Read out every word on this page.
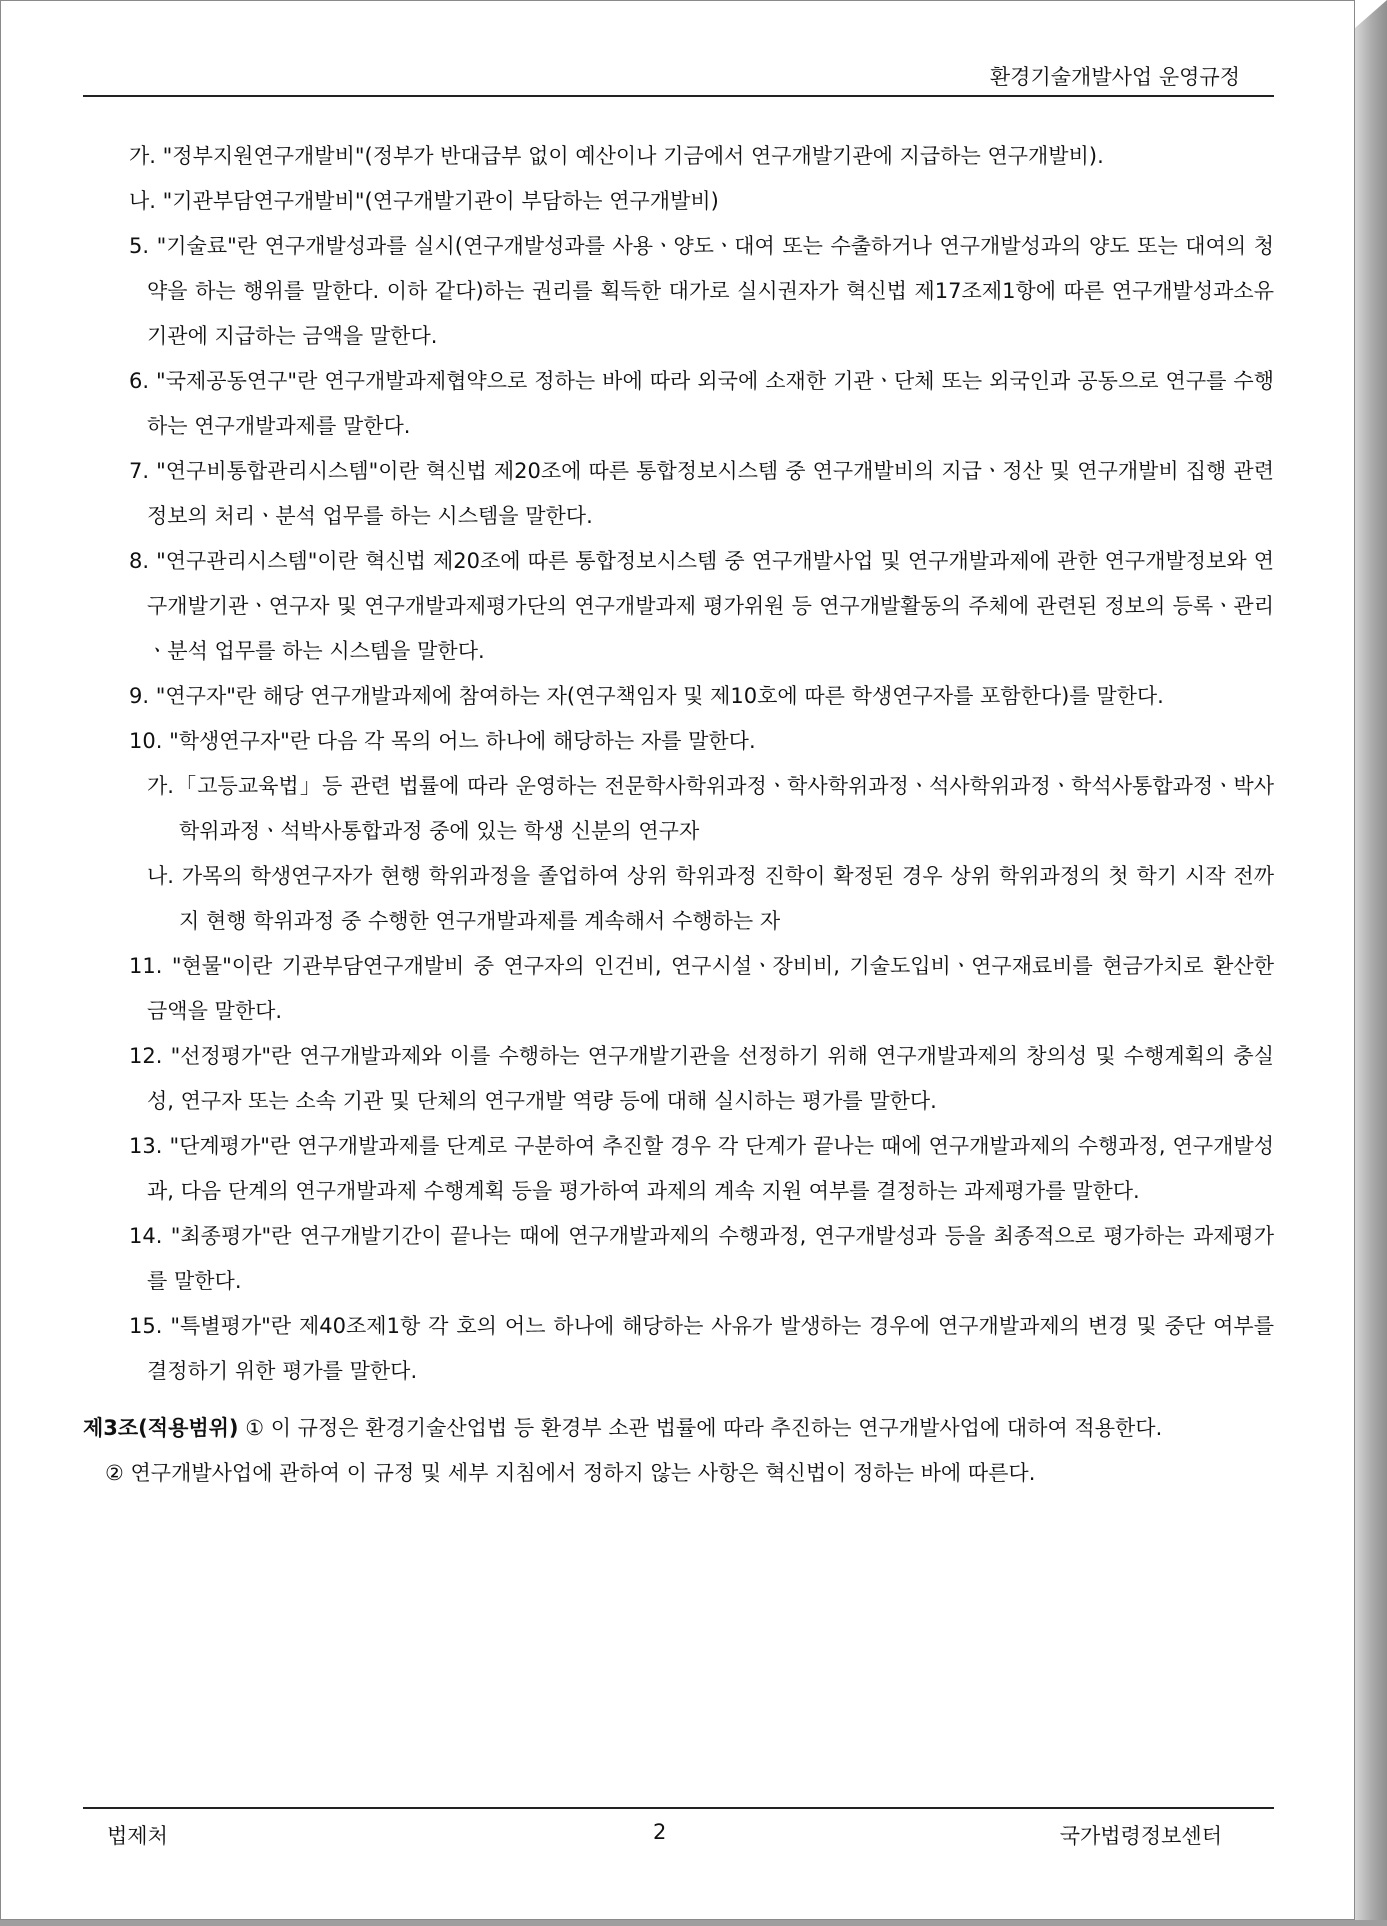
환경기술개발사업 운영규정

가. "정부지원연구개발비"(정부가 반대급부 없이 예산이나 기금에서 연구개발기관에 지급하는 연구개발비).

나. "기관부담연구개발비"(연구개발기관이 부담하는 연구개발비)

5. "기술료"란 연구개발성과를 실시(연구개발성과를 사용ㆍ양도ㆍ대여 또는 수출하거나 연구개발성과의 양도 또는 대여의 청약을 하는 행위를 말한다. 이하 같다)하는 권리를 획득한 대가로 실시권자가 혁신법 제17조제1항에 따른 연구개발성과소유기관에 지급하는 금액을 말한다.

6. "국제공동연구"란 연구개발과제협약으로 정하는 바에 따라 외국에 소재한 기관ㆍ단체 또는 외국인과 공동으로 연구를 수행하는 연구개발과제를 말한다.

7. "연구비통합관리시스템"이란 혁신법 제20조에 따른 통합정보시스템 중 연구개발비의 지급ㆍ정산 및 연구개발비 집행 관련 정보의 처리ㆍ분석 업무를 하는 시스템을 말한다.

8. "연구관리시스템"이란 혁신법 제20조에 따른 통합정보시스템 중 연구개발사업 및 연구개발과제에 관한 연구개발정보와 연구개발기관ㆍ연구자 및 연구개발과제평가단의 연구개발과제 평가위원 등 연구개발활동의 주체에 관련된 정보의 등록ㆍ관리ㆍ분석 업무를 하는 시스템을 말한다.

9. "연구자"란 해당 연구개발과제에 참여하는 자(연구책임자 및 제10호에 따른 학생연구자를 포함한다)를 말한다.

10. "학생연구자"란 다음 각 목의 어느 하나에 해당하는 자를 말한다.

가.「고등교육법」등 관련 법률에 따라 운영하는 전문학사학위과정ㆍ학사학위과정ㆍ석사학위과정ㆍ학석사통합과정ㆍ박사학위과정ㆍ석박사통합과정 중에 있는 학생 신분의 연구자

나. 가목의 학생연구자가 현행 학위과정을 졸업하여 상위 학위과정 진학이 확정된 경우 상위 학위과정의 첫 학기 시작 전까지 현행 학위과정 중 수행한 연구개발과제를 계속해서 수행하는 자

11. "현물"이란 기관부담연구개발비 중 연구자의 인건비, 연구시설ㆍ장비비, 기술도입비ㆍ연구재료비를 현금가치로 환산한 금액을 말한다.

12. "선정평가"란 연구개발과제와 이를 수행하는 연구개발기관을 선정하기 위해 연구개발과제의 창의성 및 수행계획의 충실성, 연구자 또는 소속 기관 및 단체의 연구개발 역량 등에 대해 실시하는 평가를 말한다.

13. "단계평가"란 연구개발과제를 단계로 구분하여 추진할 경우 각 단계가 끝나는 때에 연구개발과제의 수행과정, 연구개발성과, 다음 단계의 연구개발과제 수행계획 등을 평가하여 과제의 계속 지원 여부를 결정하는 과제평가를 말한다.

14. "최종평가"란 연구개발기간이 끝나는 때에 연구개발과제의 수행과정, 연구개발성과 등을 최종적으로 평가하는 과제평가를 말한다.

15. "특별평가"란 제40조제1항 각 호의 어느 하나에 해당하는 사유가 발생하는 경우에 연구개발과제의 변경 및 중단 여부를 결정하기 위한 평가를 말한다.

제3조(적용범위) ① 이 규정은 환경기술산업법 등 환경부 소관 법률에 따라 추진하는 연구개발사업에 대하여 적용한다.

② 연구개발사업에 관하여 이 규정 및 세부 지침에서 정하지 않는 사항은 혁신법이 정하는 바에 따른다.

법제처	2	국가법령정보센터
